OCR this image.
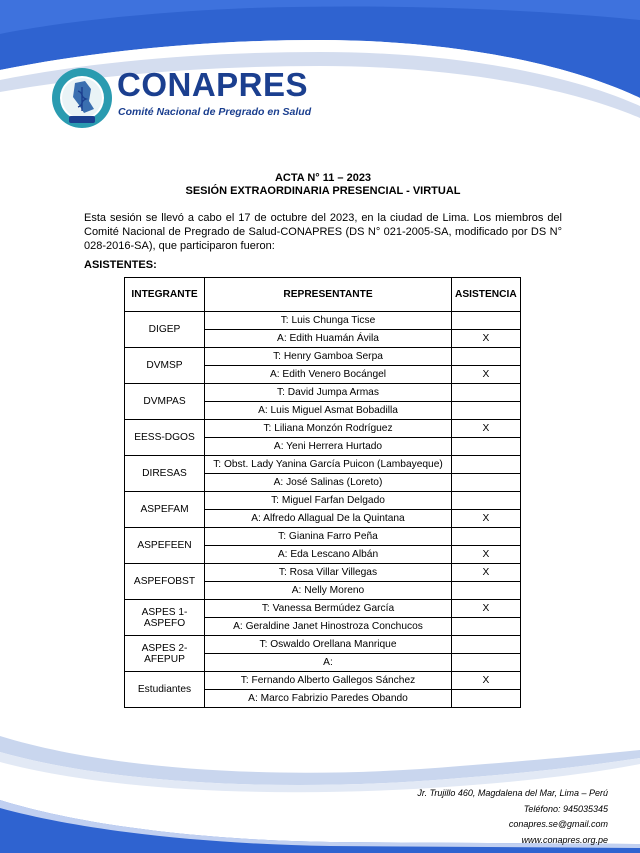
CONAPRES
Comité Nacional de Pregrado en Salud
ACTA N° 11 – 2023
SESIÓN EXTRAORDINARIA PRESENCIAL - VIRTUAL
Esta sesión se llevó a cabo el 17 de octubre del 2023, en la ciudad de Lima. Los miembros del Comité Nacional de Pregrado de Salud-CONAPRES (DS N° 021-2005-SA, modificado por DS N° 028-2016-SA), que participaron fueron:
ASISTENTES:
INTEGRANTE	REPRESENTANTE	ASISTENCIA
DIGEP	T: Luis Chunga Ticse	
	A: Edith Huamán Ávila	X
DVMSP	T: Henry Gamboa Serpa	
	A: Edith Venero Bocángel	X
DVMPAS	T: David Jumpa Armas	
	A: Luis Miguel Asmat Bobadilla	
EESS-DGOS	T: Liliana Monzón Rodríguez	X
	A: Yeni Herrera Hurtado	
DIRESAS	T: Obst. Lady Yanina García Puicon (Lambayeque)	
	A: José Salinas (Loreto)	
ASPEFAM	T: Miguel Farfan Delgado	
	A: Alfredo Allagual De la Quintana	X
ASPEFEEN	T: Gianina Farro Peña	
	A: Eda Lescano Albán	X
ASPEFOBST	T: Rosa Villar Villegas	X
	A: Nelly Moreno	
ASPES 1- ASPEFO	T: Vanessa Bermúdez García	X
	A: Geraldine Janet Hinostroza Conchucos	
ASPES 2- AFEPUP	T: Oswaldo Orellana Manrique	
	A:	
Estudiantes	T: Fernando Alberto Gallegos Sánchez	X
	A: Marco Fabrizio Paredes Obando	
Jr. Trujillo 460, Magdalena del Mar, Lima – Perú
Teléfono: 945035345
conapres.se@gmail.com
www.conapres.org.pe
